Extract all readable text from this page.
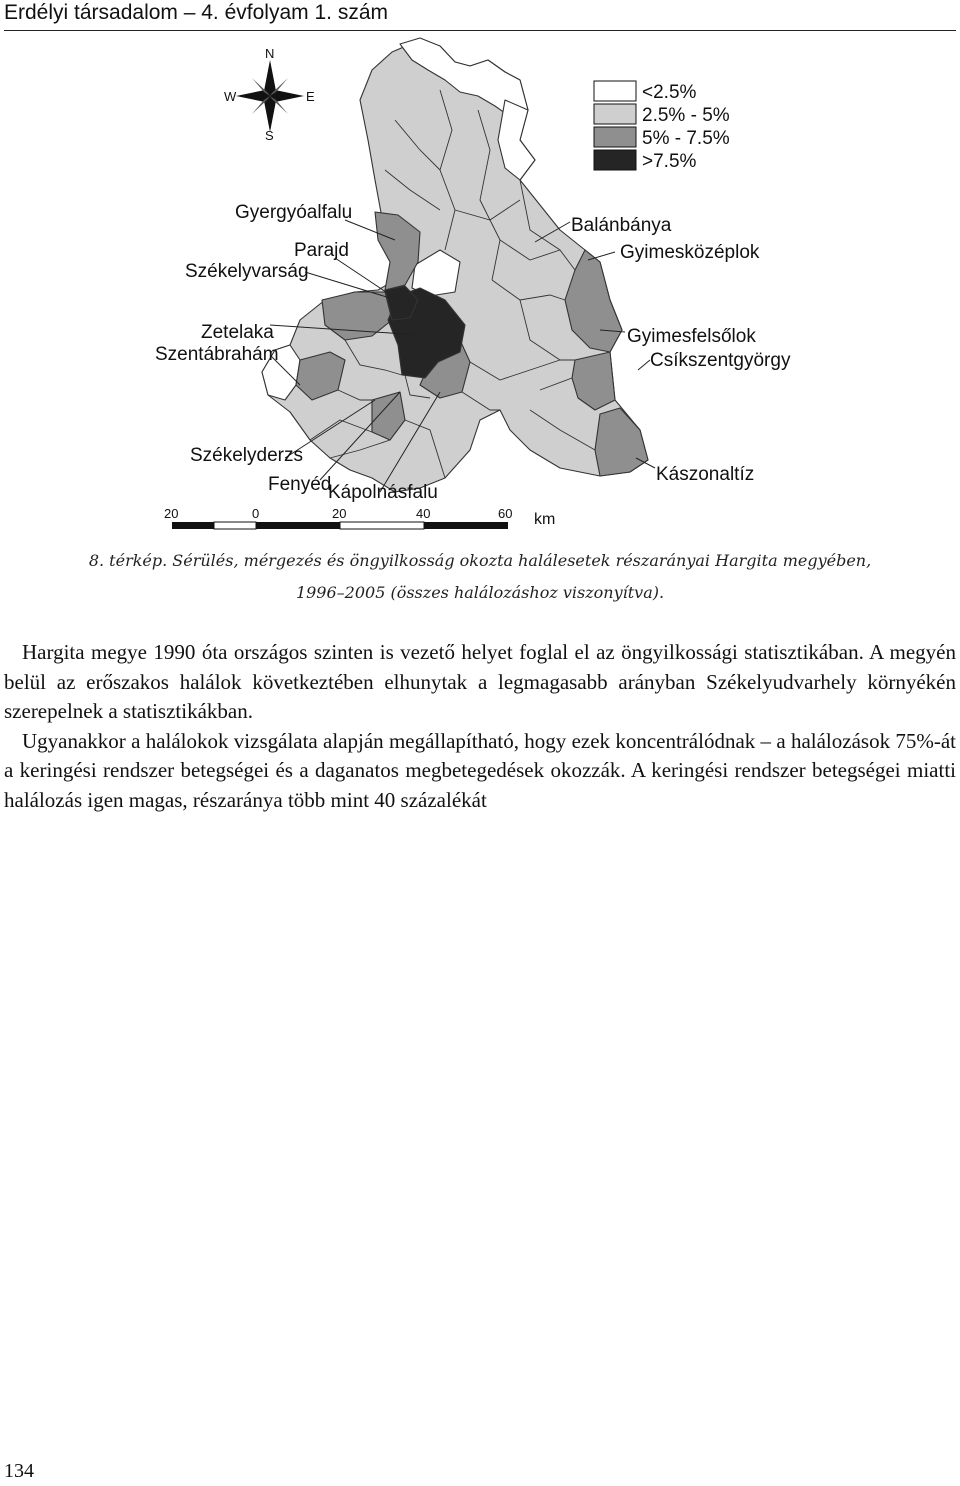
Erdélyi társadalom – 4. évfolyam 1. szám
N
S
E
W	<2.5%
2.5% - 5%
5% - 7.5%
>7.5%
Gyergyóalfalu
Parajd
Székelyvarság
Zetelaka
Szentábrahám
Székelyderzs
Fenyéd
Kápolnásfalu
Balánbánya
Gyimesközéplok
Gyimesfelsőlok
Csíkszentgyörgy
Kászonaltíz
20	0	20	40	60 km
8. térkép. Sérülés, mérgezés és öngyilkosság okozta halálesetek részarányai Hargita megyében,
1996–2005 (összes halálozáshoz viszonyítva).

Hargita megye 1990 óta országos szinten is vezető helyet foglal el az öngyilkossági statisztikában. A megyén belül az erőszakos halálok következtében elhunytak a legmagasabb arányban Székelyudvarhely környékén szerepelnek a statisztikákban.

Ugyanakkor a halálokok vizsgálata alapján megállapítható, hogy ezek koncentrálódnak – a halálozások 75%-át a keringési rendszer betegségei és a daganatos megbetegedések okozzák. A keringési rendszer betegségei miatti halálozás igen magas, részaránya több mint 40 százalékát

134
